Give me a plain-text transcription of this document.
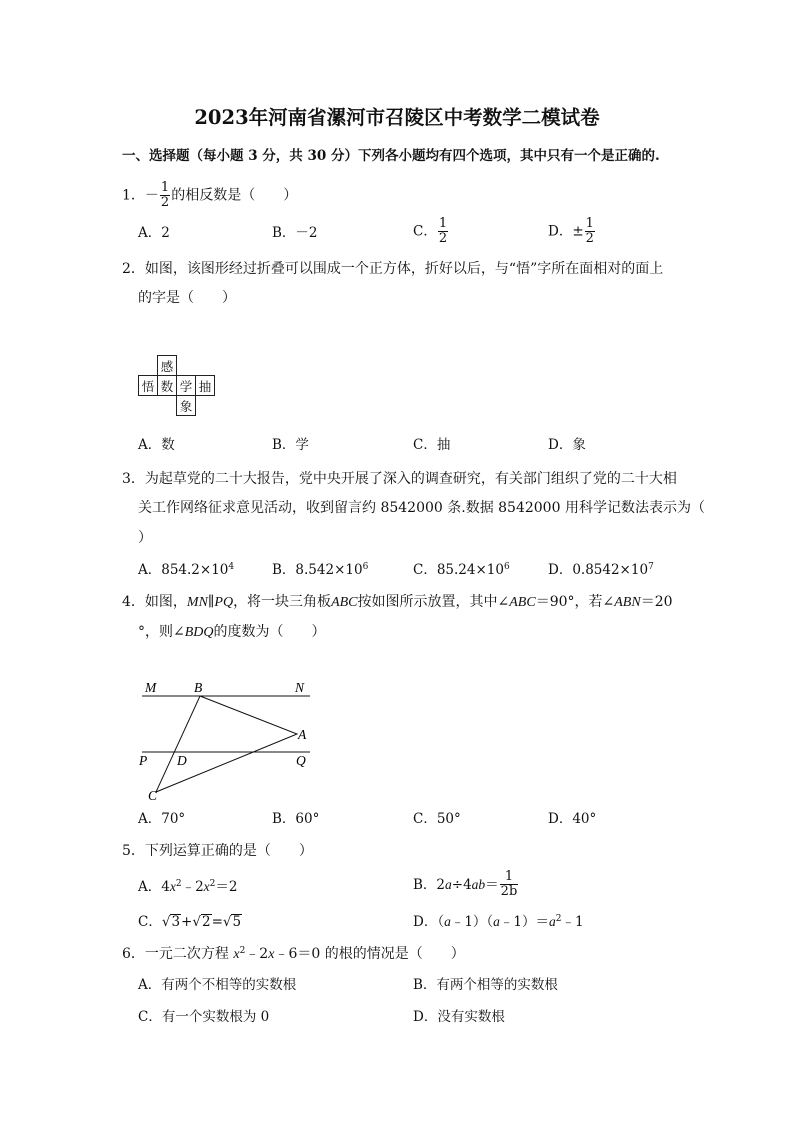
2023年河南省漯河市召陵区中考数学二模试卷
一、选择题（每小题 3 分，共 30 分）下列各小题均有四个选项，其中只有一个是正确的.
1．－ $\frac{1}{2}$ 的相反数是（　　）
A．2	B．－2	C． $\frac{1}{2}$	D．± $\frac{1}{2}$
2．如图，该图形经过折叠可以围成一个正方体，折好以后，与“悟”字所在面相对的面上
的字是（　　）
	感		
悟	数	学	抽
		象	
A．数	B．学	C．抽	D．象
3．为起草党的二十大报告，党中央开展了深入的调查研究，有关部门组织了党的二十大相
关工作网络征求意见活动，收到留言约 8542000 条.数据 8542000 用科学记数法表示为（
）
A．$854.2\times 10^4$	B．$8.542\times 10^6$	C．$85.24\times 10^6$	D．$0.8542\times 10^7$
4．如图，MN∥PQ，将一块三角板ABC按如图所示放置，其中∠ABC＝90°，若∠ABN＝20
°，则∠BDQ的度数为（　　）
M	B	N
A
P D	Q
C
A．70°	B．60°	C．50°	D．40°
5．下列运算正确的是（　　）
A．$4x^2﹣2x^2=2$	B．$2a\div 4ab= \frac{1}{2b}$
C．√3+√2=√5	D．$(a﹣1)(a﹣1)=a^2﹣1$
6．一元二次方程 $x^2﹣2x﹣6=0$ 的根的情况是（　　）
A．有两个不相等的实数根	B．有两个相等的实数根
C．有一个实数根为 0	D．没有实数根
